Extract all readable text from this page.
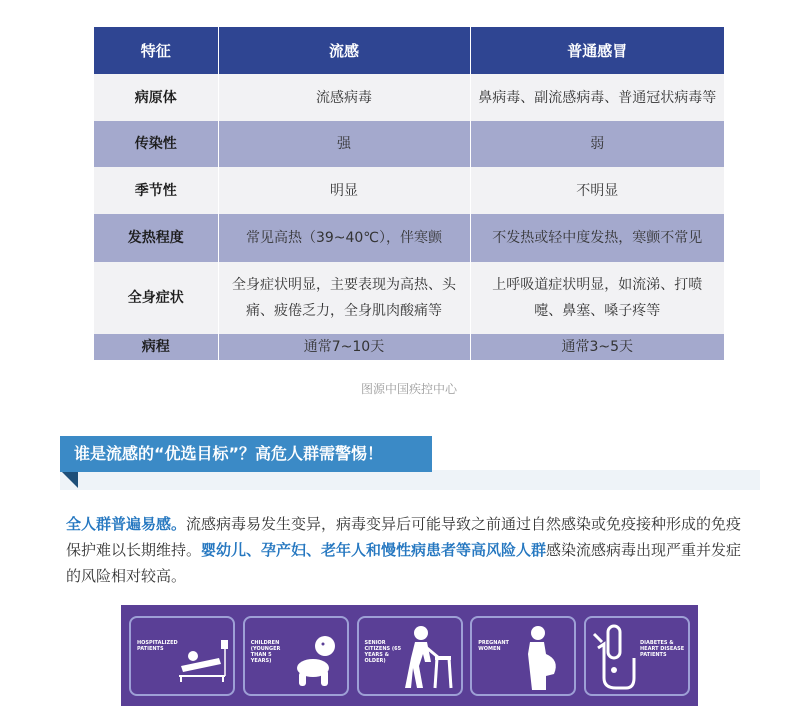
特征	流感	普通感冒
病原体	流感病毒	鼻病毒、副流感病毒、普通冠状病毒等
传染性	强	弱
季节性	明显	不明显
发热程度	常见高热（39~40℃），伴寒颤	不发热或轻中度发热，寒颤不常见
全身症状	全身症状明显，主要表现为高热、头痛、疲倦乏力，全身肌肉酸痛等	上呼吸道症状明显，如流涕、打喷嚏、鼻塞、嗓子疼等
病程	通常7~10天	通常3~5天
图源中国疾控中心
谁是流感的“优选目标”？高危人群需警惕！

全人群普遍易感。流感病毒易发生变异，病毒变异后可能导致之前通过自然感染或免疫接种形成的免疫保护难以长期维持。婴幼儿、孕产妇、老年人和慢性病患者等高风险人群感染流感病毒出现严重并发症的风险相对较高。

HOSPITALIZED PATIENTS
CHILDREN (YOUNGER THAN 5 YEARS)
SENIOR CITIZENS (65 YEARS & OLDER)
PREGNANT WOMEN
DIABETES & HEART DISEASE PATIENTS
